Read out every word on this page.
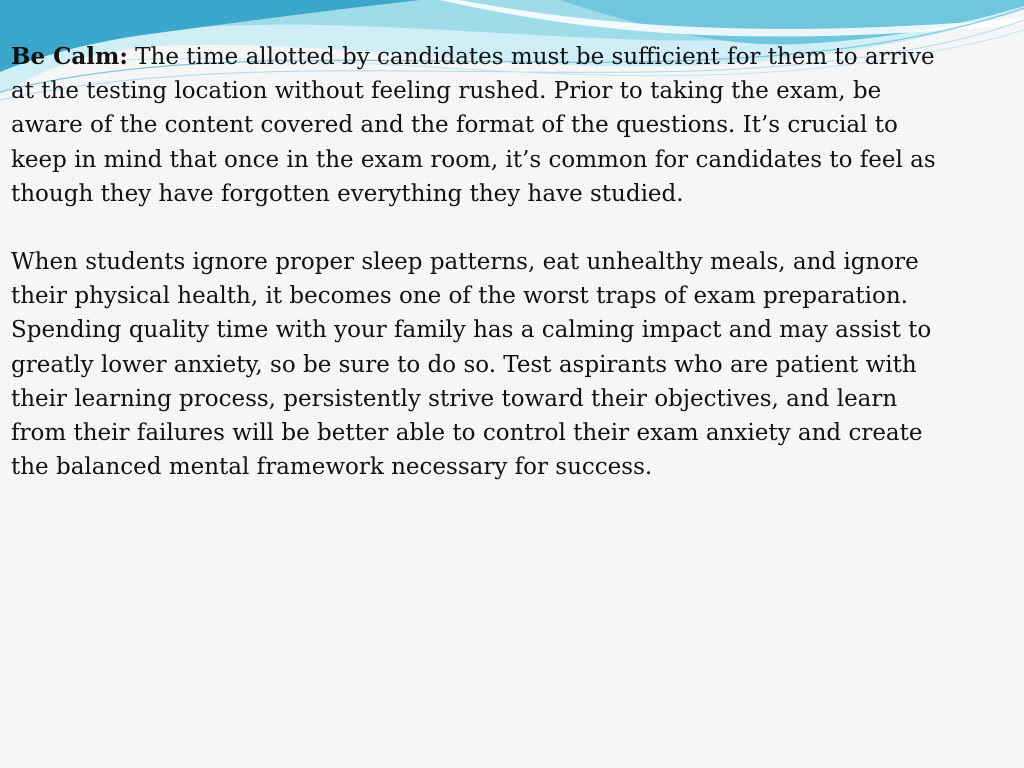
Be Calm: The time allotted by candidates must be sufficient for them to arrive at the testing location without feeling rushed. Prior to taking the exam, be aware of the content covered and the format of the questions. It’s crucial to keep in mind that once in the exam room, it’s common for candidates to feel as though they have forgotten everything they have studied.

When students ignore proper sleep patterns, eat unhealthy meals, and ignore their physical health, it becomes one of the worst traps of exam preparation. Spending quality time with your family has a calming impact and may assist to greatly lower anxiety, so be sure to do so. Test aspirants who are patient with their learning process, persistently strive toward their objectives, and learn from their failures will be better able to control their exam anxiety and create the balanced mental framework necessary for success.
